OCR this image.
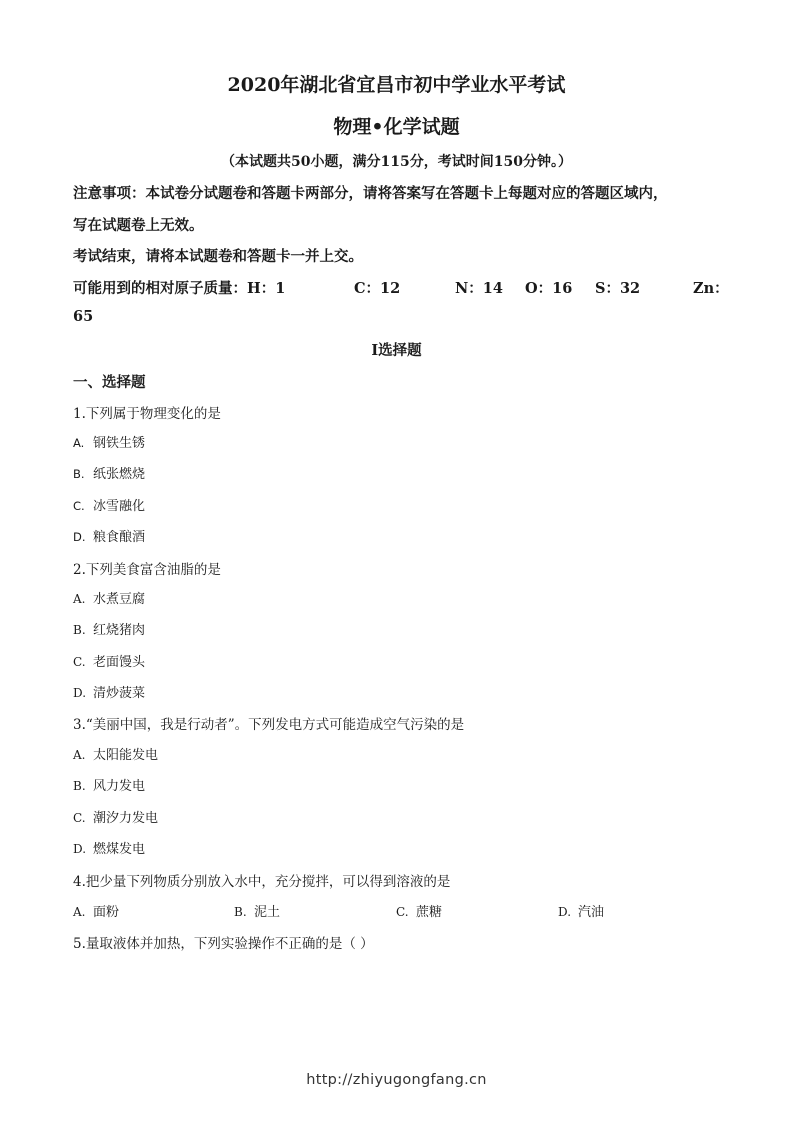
2020年湖北省宜昌市初中学业水平考试
物理•化学试题
（本试题共50小题，满分115分，考试时间150分钟。）
注意事项：本试卷分试题卷和答题卡两部分，请将答案写在答题卡上每题对应的答题区域内，
写在试题卷上无效。
考试结束，请将本试题卷和答题卡一并上交。
可能用到的相对原子质量：H：1	C：12	N：14 O：16 S：32	Zn：
65
I选择题
一、选择题
1.下列属于物理变化的是
A. 钢铁生锈
B. 纸张燃烧
C. 冰雪融化
D. 粮食酿酒
2.下列美食富含油脂的是
A. 水煮豆腐
B. 红烧猪肉
C. 老面馒头
D. 清炒菠菜
3.“美丽中国，我是行动者”。下列发电方式可能造成空气污染的是
A. 太阳能发电
B. 风力发电
C. 潮汐力发电
D. 燃煤发电
4.把少量下列物质分别放入水中，充分搅拌，可以得到溶液的是
A. 面粉	B. 泥土	C. 蔗糖	D. 汽油
5.量取液体并加热，下列实验操作不正确的是（ ）
http://zhiyugongfang.cn
